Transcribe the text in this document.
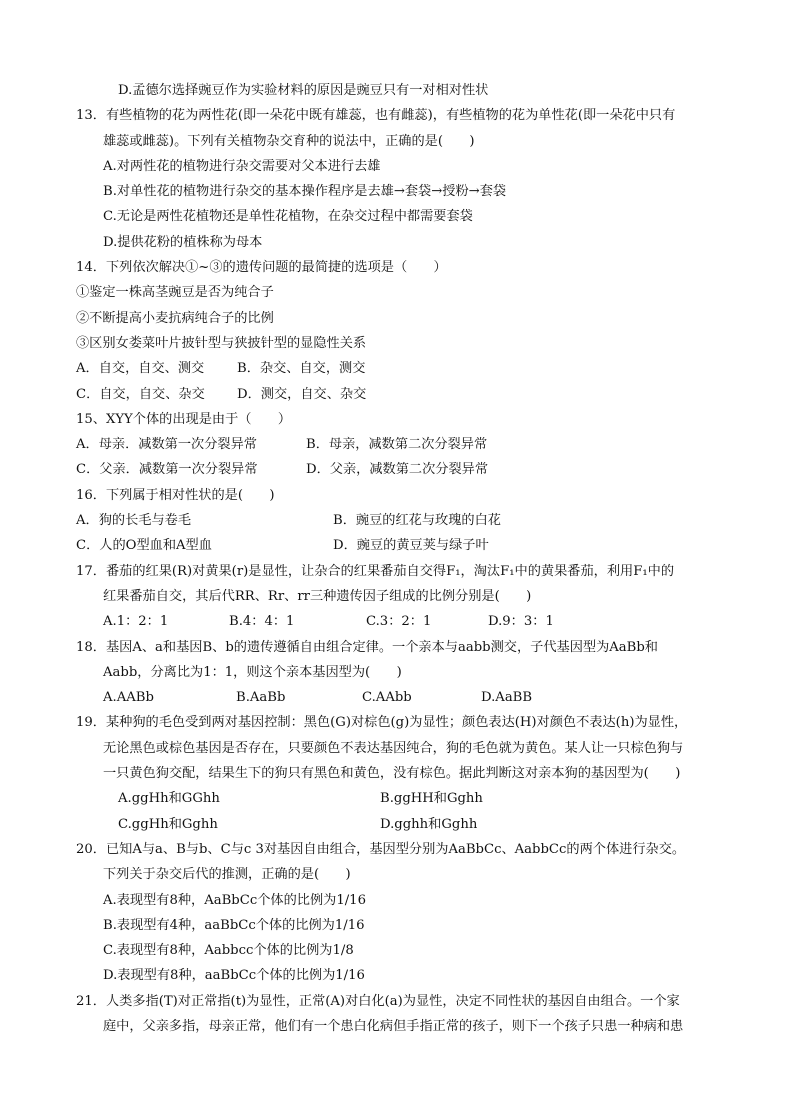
D.孟德尔选择豌豆作为实验材料的原因是豌豆只有一对相对性状
13．有些植物的花为两性花(即一朵花中既有雄蕊，也有雌蕊)，有些植物的花为单性花(即一朵花中只有
雄蕊或雌蕊)。下列有关植物杂交育种的说法中，正确的是(　　)
A.对两性花的植物进行杂交需要对父本进行去雄
B.对单性花的植物进行杂交的基本操作程序是去雄→套袋→授粉→套袋
C.无论是两性花植物还是单性花植物，在杂交过程中都需要套袋
D.提供花粉的植株称为母本
14．下列依次解决①~③的遗传问题的最简捷的选项是（　　）
①鉴定一株高茎豌豆是否为纯合子
②不断提高小麦抗病纯合子的比例
③区别女娄菜叶片披针型与狭披针型的显隐性关系
A．自交，自交、测交 B．杂交、自交，测交
C．自交，自交、杂交 D．测交，自交、杂交
15、XYY个体的出现是由于（　　）
A．母亲．减数第一次分裂异常	B．母亲，减数第二次分裂异常
C．父亲．减数第一次分裂异常	D．父亲，减数第二次分裂异常
16．下列属于相对性状的是(　　)
A．狗的长毛与卷毛	B．豌豆的红花与玫瑰的白花
C．人的O型血和A型血	D．豌豆的黄豆荚与绿子叶
17．番茄的红果(R)对黄果(r)是显性，让杂合的红果番茄自交得F₁，淘汰F₁中的黄果番茄，利用F₁中的
红果番茄自交，其后代RR、Rr、rr三种遗传因子组成的比例分别是(　　)
A.1：2：1	B.4：4：1	C.3：2：1	D.9：3：1
18．基因A、a和基因B、b的遗传遵循自由组合定律。一个亲本与aabb测交，子代基因型为AaBb和
Aabb，分离比为1：1，则这个亲本基因型为(　　)
A.AABb	B.AaBb	C.AAbb	D.AaBB
19．某种狗的毛色受到两对基因控制：黑色(G)对棕色(g)为显性；颜色表达(H)对颜色不表达(h)为显性，
无论黑色或棕色基因是否存在，只要颜色不表达基因纯合，狗的毛色就为黄色。某人让一只棕色狗与
一只黄色狗交配，结果生下的狗只有黑色和黄色，没有棕色。据此判断这对亲本狗的基因型为(　　)
A.ggHh和GGhh	B.ggHH和Gghh
C.ggHh和Gghh	D.gghh和Gghh
20．已知A与a、B与b、C与c 3对基因自由组合，基因型分别为AaBbCc、AabbCc的两个体进行杂交。
下列关于杂交后代的推测，正确的是(　　)
A.表现型有8种，AaBbCc个体的比例为1/16
B.表现型有4种，aaBbCc个体的比例为1/16
C.表现型有8种，Aabbcc个体的比例为1/8
D.表现型有8种，aaBbCc个体的比例为1/16
21．人类多指(T)对正常指(t)为显性，正常(A)对白化(a)为显性，决定不同性状的基因自由组合。一个家
庭中，父亲多指，母亲正常，他们有一个患白化病但手指正常的孩子，则下一个孩子只患一种病和患
